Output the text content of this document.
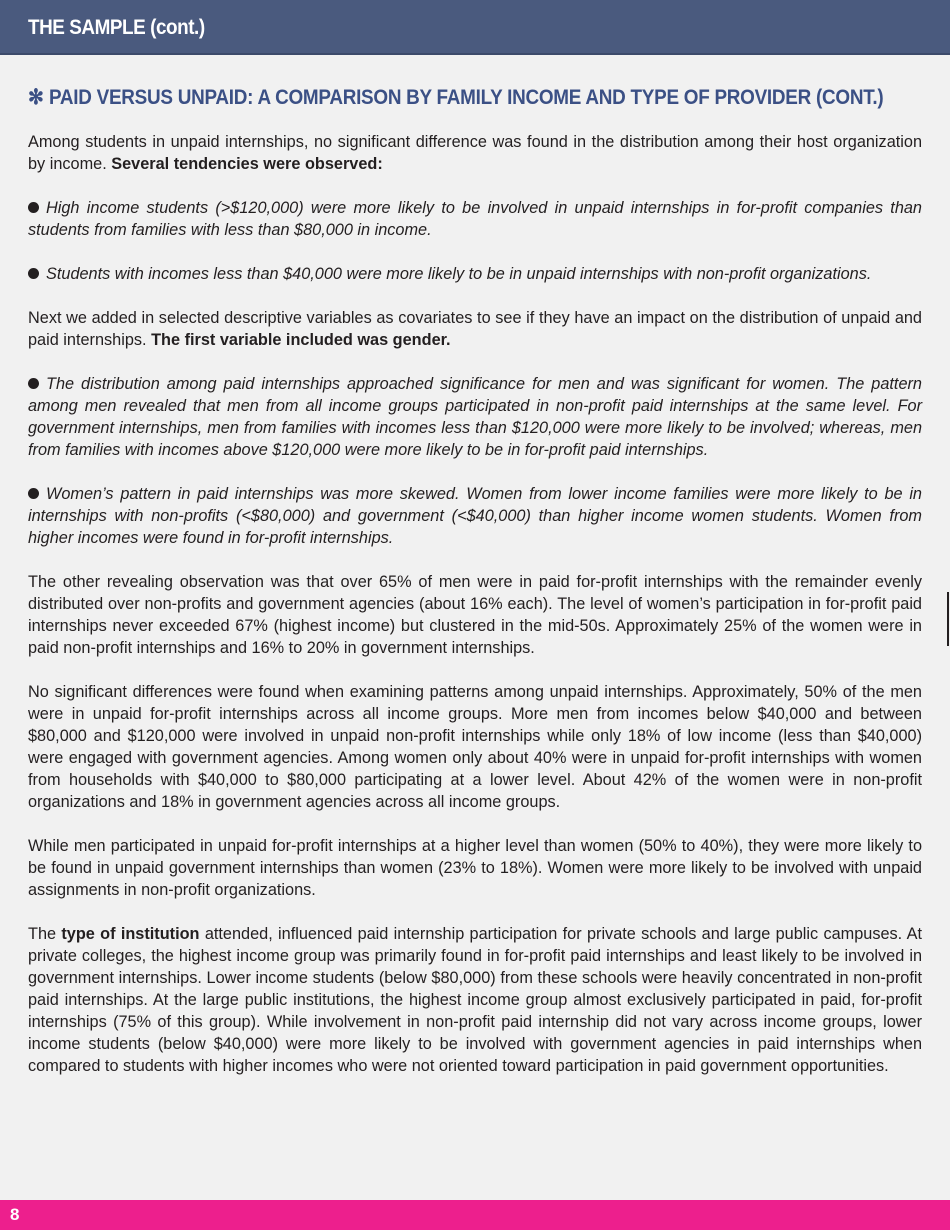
THE SAMPLE (cont.)
✻ PAID VERSUS UNPAID: A COMPARISON BY FAMILY INCOME AND TYPE OF PROVIDER (CONT.)

Among students in unpaid internships, no significant difference was found in the distribution among their host organization by income. Several tendencies were observed:

High income students (>$120,000) were more likely to be involved in unpaid internships in for-profit companies than students from families with less than $80,000 in income.

Students with incomes less than $40,000 were more likely to be in unpaid internships with non-profit organizations.

Next we added in selected descriptive variables as covariates to see if they have an impact on the distribution of unpaid and paid internships. The first variable included was gender.

The distribution among paid internships approached significance for men and was significant for women. The pattern among men revealed that men from all income groups participated in non-profit paid internships at the same level. For government internships, men from families with incomes less than $120,000 were more likely to be involved; whereas, men from families with incomes above $120,000 were more likely to be in for-profit paid internships.

Women’s pattern in paid internships was more skewed. Women from lower income families were more likely to be in internships with non-profits (<$80,000) and government (<$40,000) than higher income women students. Women from higher incomes were found in for-profit internships.

The other revealing observation was that over 65% of men were in paid for-profit internships with the remainder evenly distributed over non-profits and government agencies (about 16% each). The level of women’s participation in for-profit paid internships never exceeded 67% (highest income) but clustered in the mid-50s. Approximately 25% of the women were in paid non-profit internships and 16% to 20% in government internships.

No significant differences were found when examining patterns among unpaid internships. Approximately, 50% of the men were in unpaid for-profit internships across all income groups. More men from incomes below $40,000 and between $80,000 and $120,000 were involved in unpaid non-profit internships while only 18% of low income (less than $40,000) were engaged with government agencies. Among women only about 40% were in unpaid for-profit internships with women from households with $40,000 to $80,000 participating at a lower level. About 42% of the women were in non-profit organizations and 18% in government agencies across all income groups.

While men participated in unpaid for-profit internships at a higher level than women (50% to 40%), they were more likely to be found in unpaid government internships than women (23% to 18%). Women were more likely to be involved with unpaid assignments in non-profit organizations.

The type of institution attended, influenced paid internship participation for private schools and large public campuses. At private colleges, the highest income group was primarily found in for-profit paid internships and least likely to be involved in government internships. Lower income students (below $80,000) from these schools were heavily concentrated in non-profit paid internships. At the large public institutions, the highest income group almost exclusively participated in paid, for-profit internships (75% of this group). While involvement in non-profit paid internship did not vary across income groups, lower income students (below $40,000) were more likely to be involved with government agencies in paid internships when compared to students with higher incomes who were not oriented toward participation in paid government opportunities.

8
